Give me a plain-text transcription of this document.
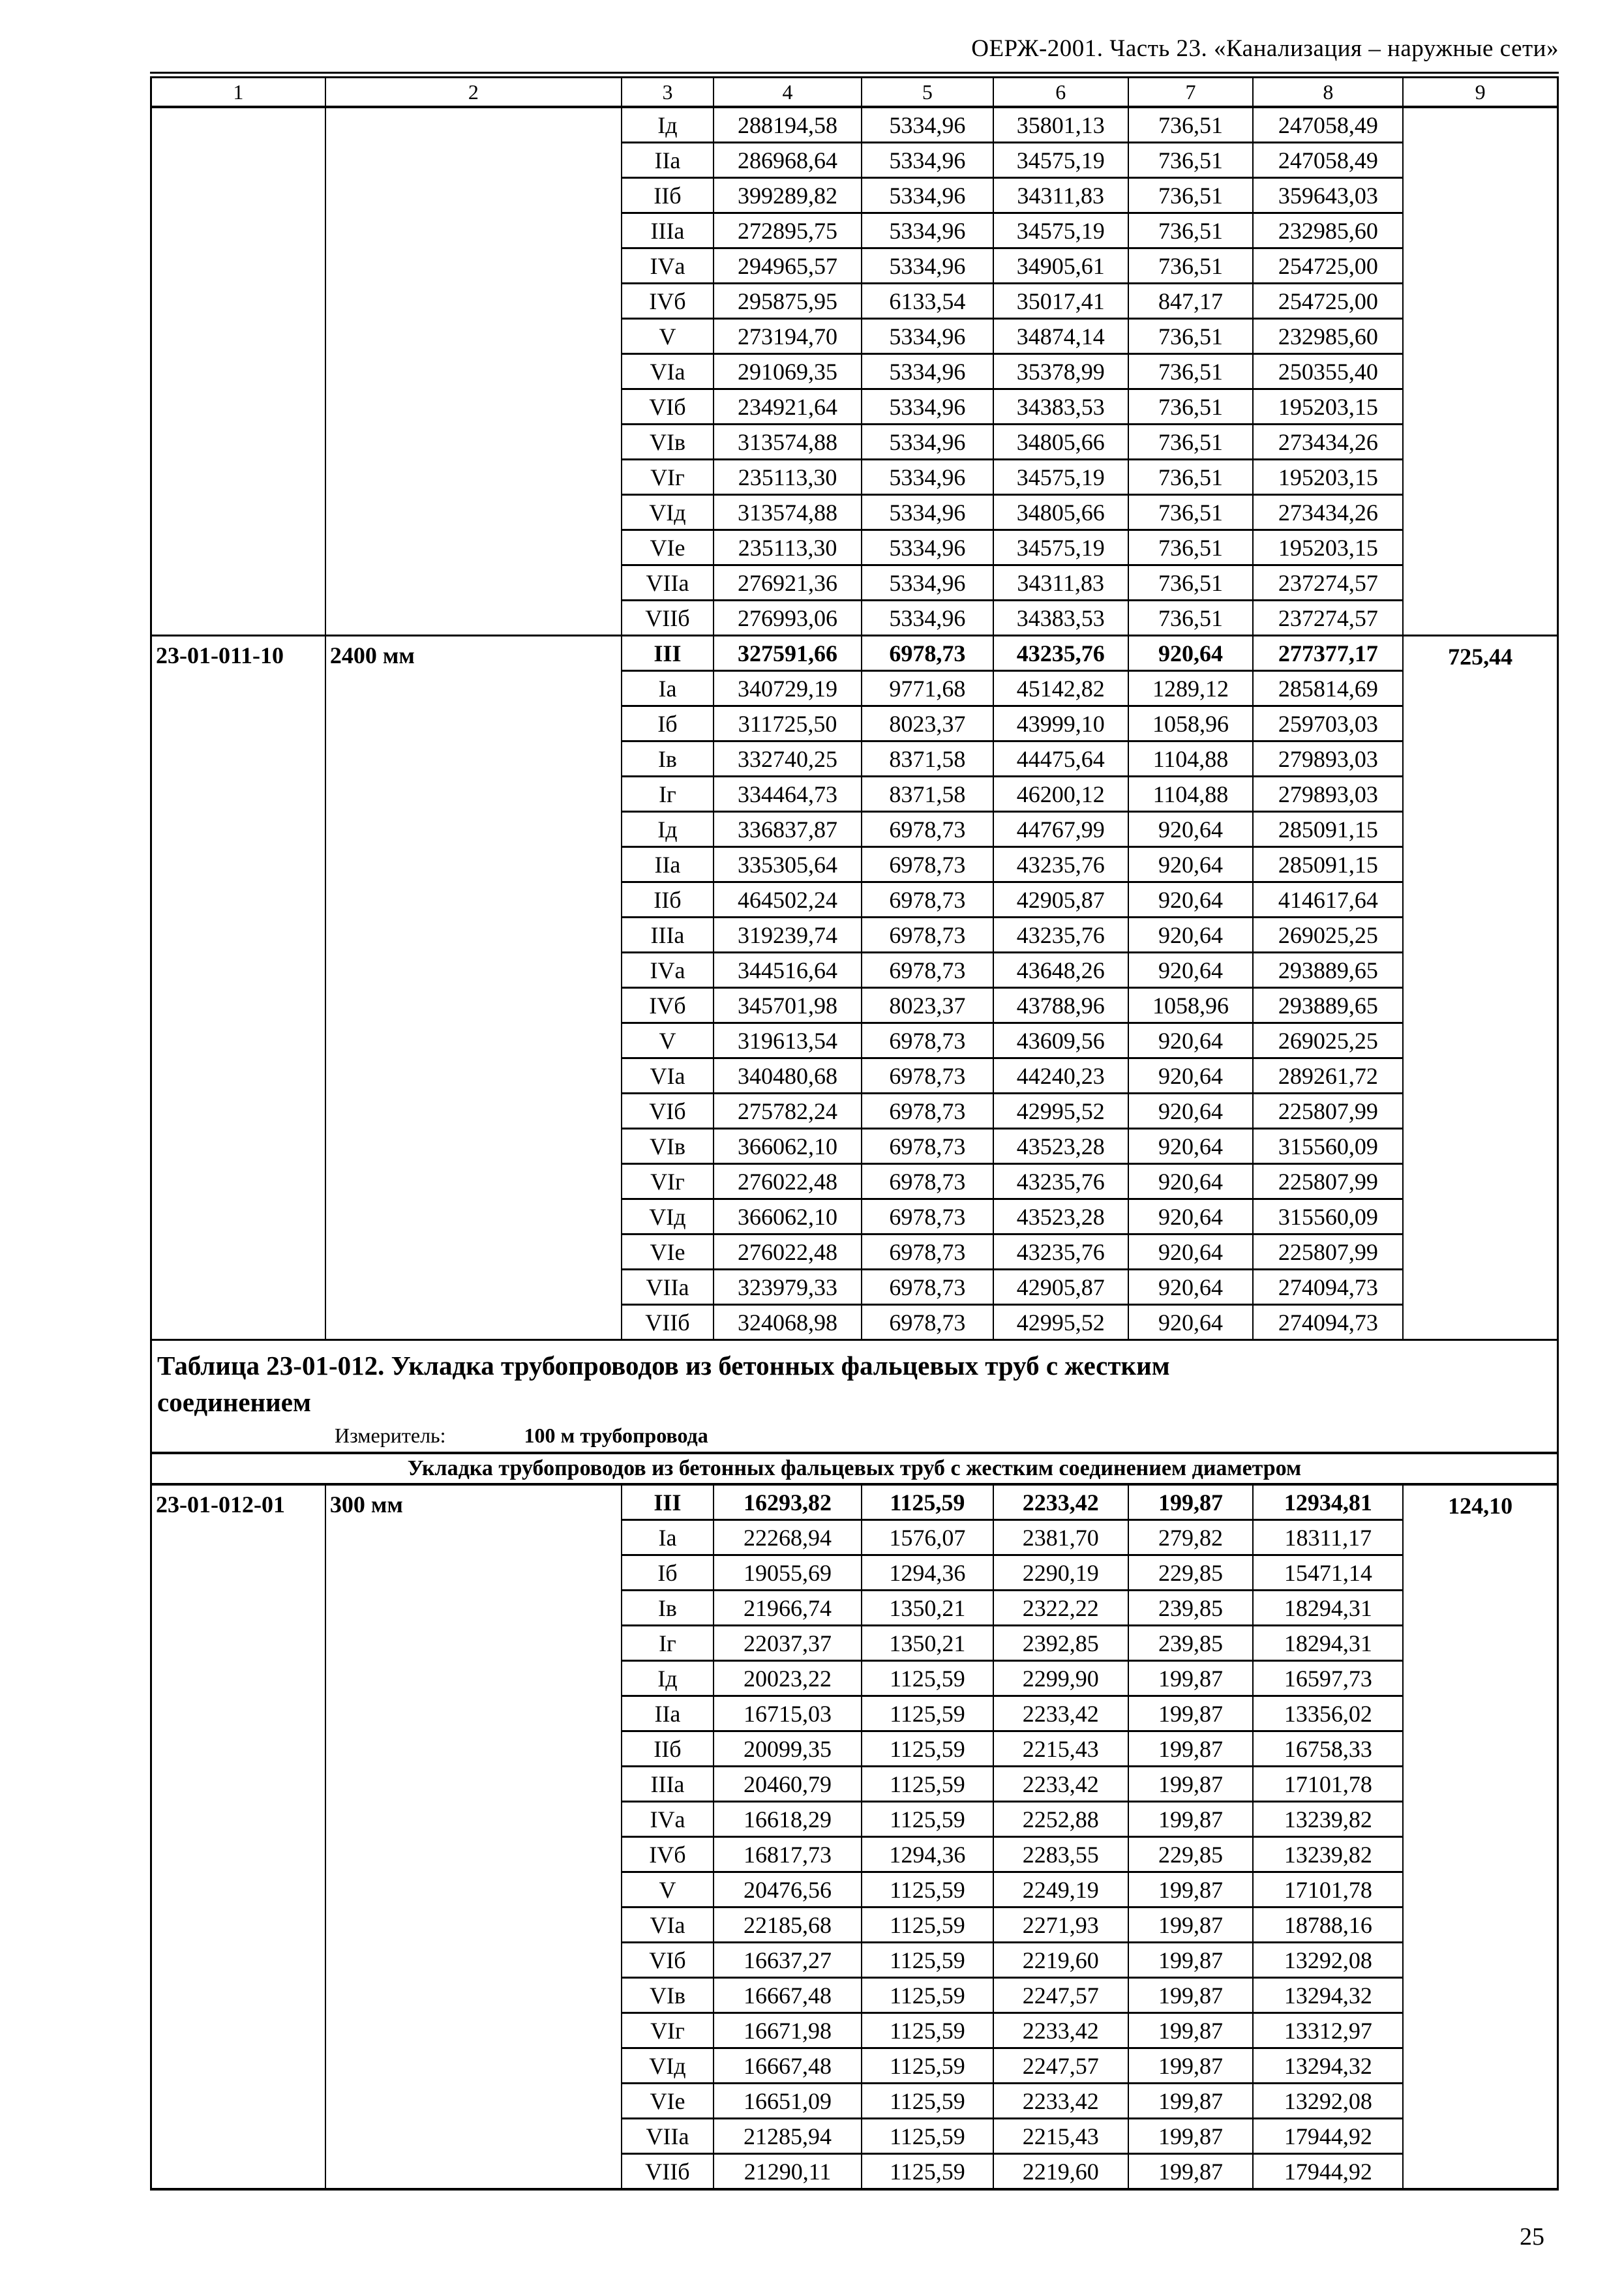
ОЕРЖ-2001. Часть 23. «Канализация – наружные сети»
1	2	3	4	5	6	7	8	9
		Iд	288194,58	5334,96	35801,13	736,51	247058,49	
		IIа	286968,64	5334,96	34575,19	736,51	247058,49	
		IIб	399289,82	5334,96	34311,83	736,51	359643,03	
		IIIа	272895,75	5334,96	34575,19	736,51	232985,60	
		IVа	294965,57	5334,96	34905,61	736,51	254725,00	
		IVб	295875,95	6133,54	35017,41	847,17	254725,00	
		V	273194,70	5334,96	34874,14	736,51	232985,60	
		VIа	291069,35	5334,96	35378,99	736,51	250355,40	
		VIб	234921,64	5334,96	34383,53	736,51	195203,15	
		VIв	313574,88	5334,96	34805,66	736,51	273434,26	
		VIг	235113,30	5334,96	34575,19	736,51	195203,15	
		VIд	313574,88	5334,96	34805,66	736,51	273434,26	
		VIе	235113,30	5334,96	34575,19	736,51	195203,15	
		VIIа	276921,36	5334,96	34311,83	736,51	237274,57	
		VIIб	276993,06	5334,96	34383,53	736,51	237274,57	
23-01-011-10	2400 мм	III	327591,66	6978,73	43235,76	920,64	277377,17	725,44
		Iа	340729,19	9771,68	45142,82	1289,12	285814,69	
		Iб	311725,50	8023,37	43999,10	1058,96	259703,03	
		Iв	332740,25	8371,58	44475,64	1104,88	279893,03	
		Iг	334464,73	8371,58	46200,12	1104,88	279893,03	
		Iд	336837,87	6978,73	44767,99	920,64	285091,15	
		IIа	335305,64	6978,73	43235,76	920,64	285091,15	
		IIб	464502,24	6978,73	42905,87	920,64	414617,64	
		IIIа	319239,74	6978,73	43235,76	920,64	269025,25	
		IVа	344516,64	6978,73	43648,26	920,64	293889,65	
		IVб	345701,98	8023,37	43788,96	1058,96	293889,65	
		V	319613,54	6978,73	43609,56	920,64	269025,25	
		VIа	340480,68	6978,73	44240,23	920,64	289261,72	
		VIб	275782,24	6978,73	42995,52	920,64	225807,99	
		VIв	366062,10	6978,73	43523,28	920,64	315560,09	
		VIг	276022,48	6978,73	43235,76	920,64	225807,99	
		VIд	366062,10	6978,73	43523,28	920,64	315560,09	
		VIе	276022,48	6978,73	43235,76	920,64	225807,99	
		VIIа	323979,33	6978,73	42905,87	920,64	274094,73	
		VIIб	324068,98	6978,73	42995,52	920,64	274094,73	

Таблица 23-01-012. Укладка трубопроводов из бетонных фальцевых труб с жестким соединением
Измеритель: 100 м трубопровода								

Укладка трубопроводов из бетонных фальцевых труб с жестким соединением диаметром								
23-01-012-01	300 мм	III	16293,82	1125,59	2233,42	199,87	12934,81	124,10
		Iа	22268,94	1576,07	2381,70	279,82	18311,17	
		Iб	19055,69	1294,36	2290,19	229,85	15471,14	
		Iв	21966,74	1350,21	2322,22	239,85	18294,31	
		Iг	22037,37	1350,21	2392,85	239,85	18294,31	
		Iд	20023,22	1125,59	2299,90	199,87	16597,73	
		IIа	16715,03	1125,59	2233,42	199,87	13356,02	
		IIб	20099,35	1125,59	2215,43	199,87	16758,33	
		IIIа	20460,79	1125,59	2233,42	199,87	17101,78	
		IVа	16618,29	1125,59	2252,88	199,87	13239,82	
		IVб	16817,73	1294,36	2283,55	229,85	13239,82	
		V	20476,56	1125,59	2249,19	199,87	17101,78	
		VIа	22185,68	1125,59	2271,93	199,87	18788,16	
		VIб	16637,27	1125,59	2219,60	199,87	13292,08	
		VIв	16667,48	1125,59	2247,57	199,87	13294,32	
		VIг	16671,98	1125,59	2233,42	199,87	13312,97	
		VIд	16667,48	1125,59	2247,57	199,87	13294,32	
		VIе	16651,09	1125,59	2233,42	199,87	13292,08	
		VIIа	21285,94	1125,59	2215,43	199,87	17944,92	
		VIIб	21290,11	1125,59	2219,60	199,87	17944,92	
25
